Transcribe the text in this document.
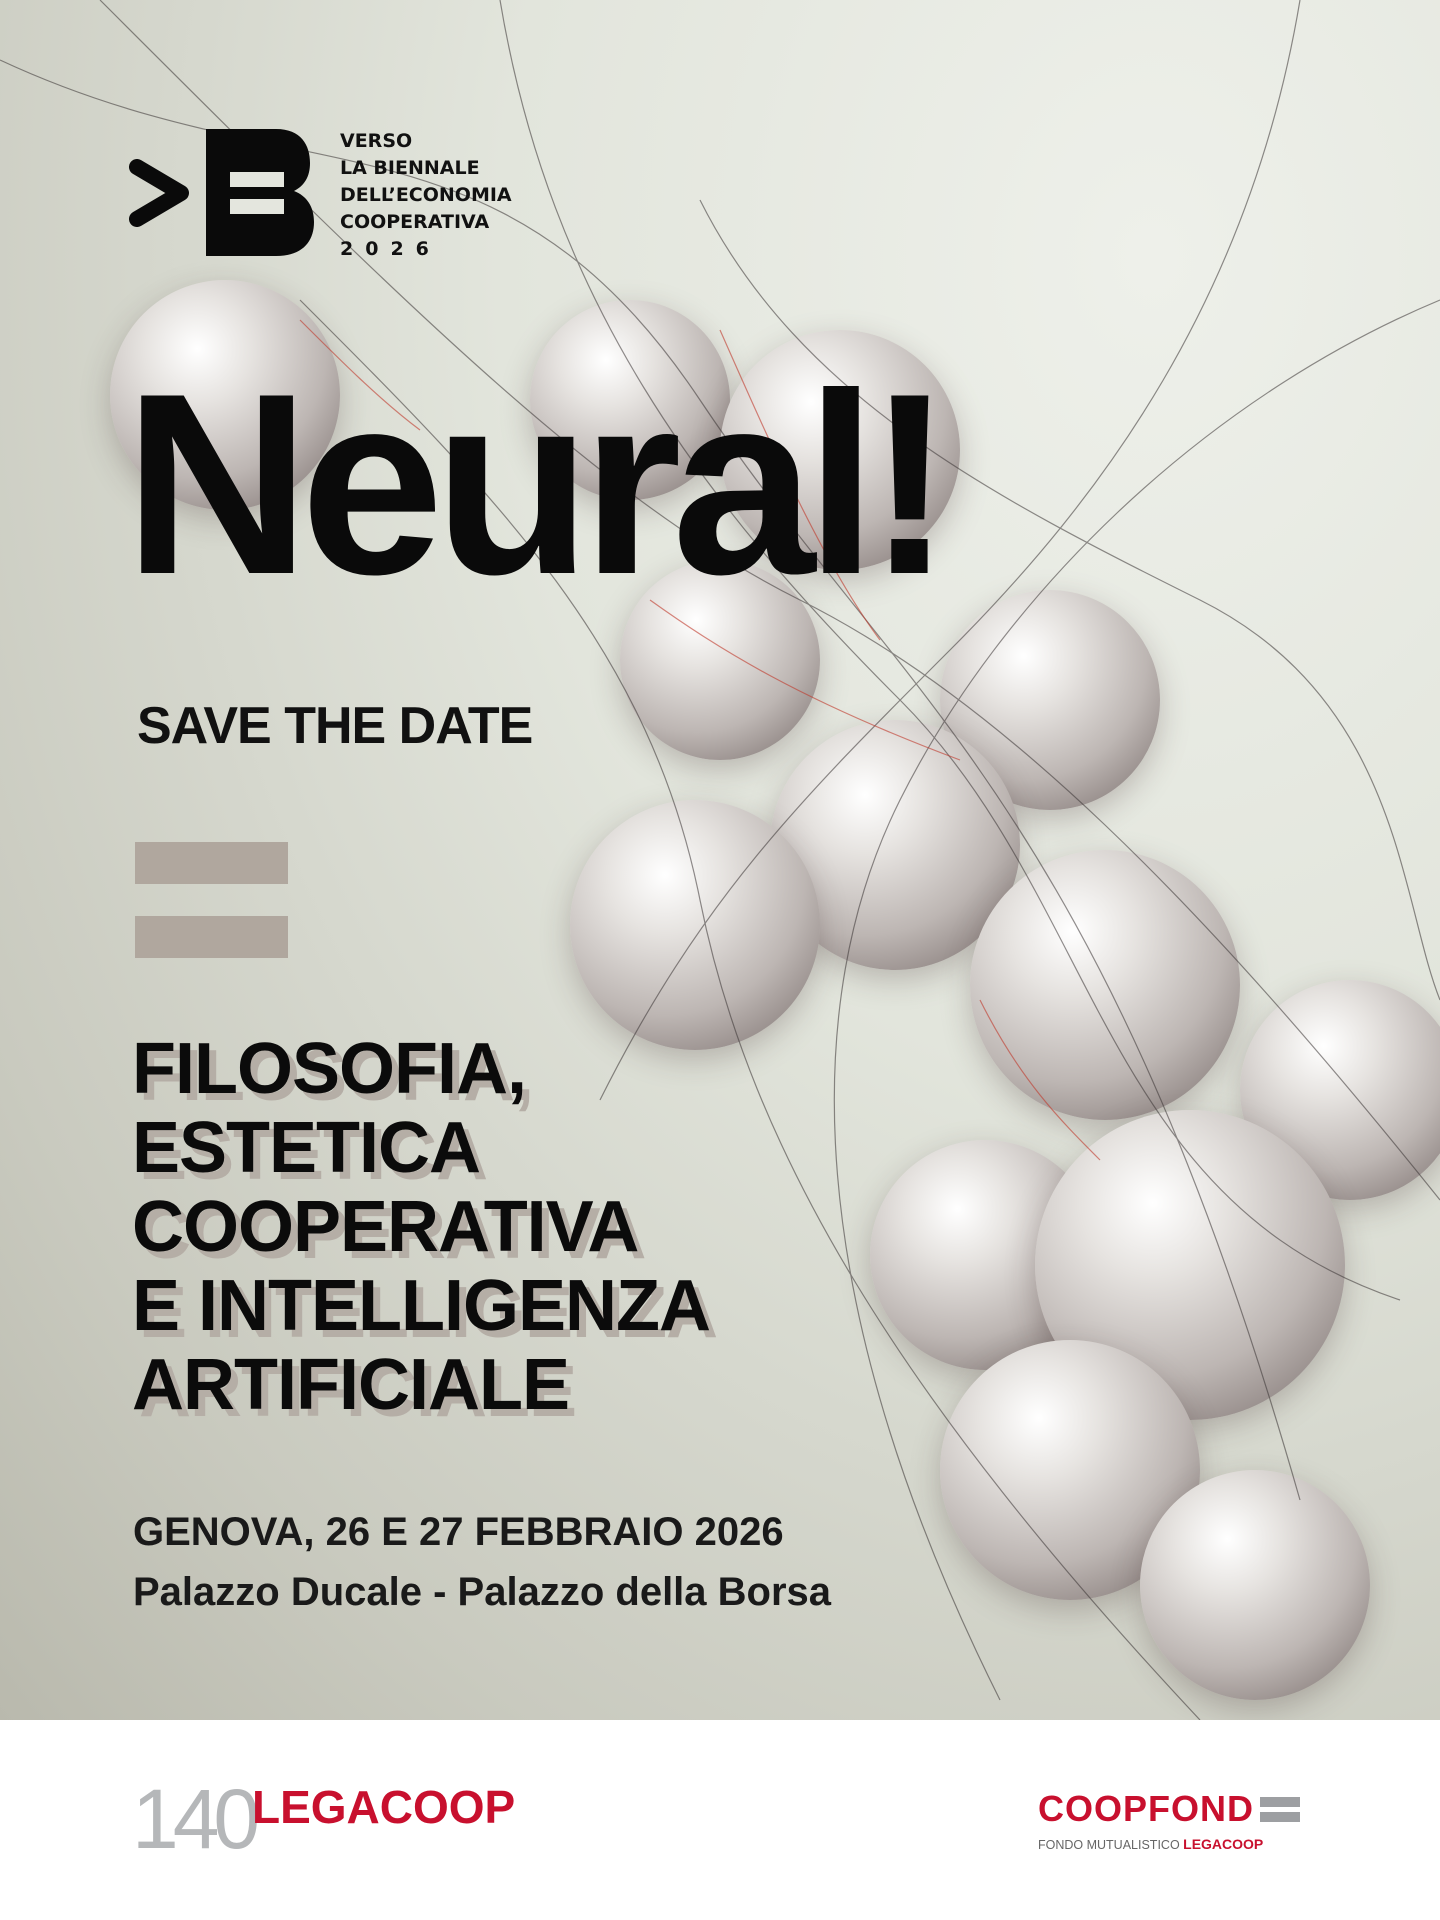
VERSO
LA BIENNALE
DELL’ECONOMIA
COOPERATIVA
2026
Neural!
SAVE THE DATE
FILOSOFIA,
ESTETICA
COOPERATIVA
E INTELLIGENZA
ARTIFICIALE
GENOVA, 26 E 27 FEBBRAIO 2026
Palazzo Ducale - Palazzo della Borsa
140
LEGACOOP	COOPFOND
FONDO MUTUALISTICO LEGACOOP
